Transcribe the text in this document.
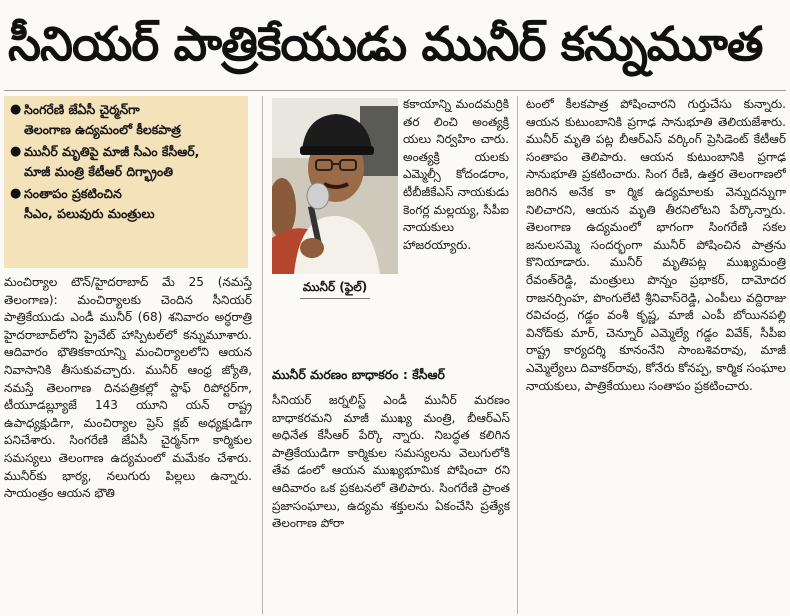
సీనియర్ పాత్రికేయుడు మునీర్ కన్నుమూత
● సింగరేణి జేఏసీ చైర్మన్‌గా
తెలంగాణ ఉద్యమంలో కీలకపాత్ర
● మునీర్ మృతిపై మాజీ సీఎం కేసీఆర్,
మాజీ మంత్రి కేటీఆర్ దిగ్భ్రాంతి
● సంతాపం ప్రకటించిన
సీఎం, పలువురు మంత్రులు

మంచిర్యాల టౌన్/హైదరాబాద్ మే 25 (నమస్తే తెలంగాణ): మంచిర్యాలకు చెందిన సీనియర్ పాత్రికేయుడు ఎండీ మునీర్ (68) శనివారం అర్ధరాత్రి హైదరాబాద్‌లోని ప్రైవేట్ హాస్పిటల్‌లో కన్నుమూశారు. ఆదివారం భౌతికకాయాన్ని మంచిర్యాలలోని ఆయన నివాసానికి తీసుకువచ్చారు. మునీర్ ఆంధ్ర జ్యోతి, నమస్తే తెలంగాణ దినపత్రికల్లో స్టాఫ్ రిపోర్టర్‌గా, టీయూడబ్ల్యూజే 143 యూని యన్ రాష్ట్ర ఉపాధ్యక్షుడిగా, మంచిర్యాల ప్రెస్ క్లబ్ అధ్యక్షుడిగా పనిచేశారు. సింగరేణి జేఏసీ చైర్మన్‌గా కార్మికుల సమస్యలు తెలంగాణ ఉద్యమంలో మమేకం చేశారు. మునీర్‌కు భార్య, నలుగురు పిల్లలు ఉన్నారు. సాయంత్రం ఆయన భౌతి

మునీర్ (ఫైల్)

కకాయాన్ని మందమర్రికి తర లించి అంత్యక్రి యలు నిర్వహిం చారు. అంత్యక్రి యలకు ఎమ్మెల్సీ కోదండరాం, టీబీజీకేఎస్ నాయకుడు కెంగర్ల మల్లయ్య, సీపీఐ నాయకులు హాజరయ్యారు.

మునీర్ మరణం బాధాకరం : కేసీఆర్

సీనియర్ జర్నలిస్ట్ ఎండీ మునీర్ మరణం బాధాకరమని మాజీ ముఖ్య మంత్రి, బీఆర్ఎస్ అధినేత కేసీఆర్ పేర్కొ న్నారు. నిబద్ధత కలిగిన పాత్రికేయుడిగా కార్మికుల సమస్యలను వెలుగులోకి తేవ డంలో ఆయన ముఖ్యభూమిక పోషించా రని ఆదివారం ఒక ప్రకటనలో తెలిపారు. సింగరేణి ప్రాంత ప్రజాసంఘాలు, ఉద్యమ శక్తులను ఏకంచేసి ప్రత్యేక తెలంగాణ పోరా

టంలో కీలకపాత్ర పోషించారని గుర్తుచేసు కున్నారు. ఆయన కుటుంబానికి ప్రగాఢ సానుభూతి తెలియజేశారు. మునీర్ మృతి పట్ల బీఆర్ఎస్ వర్కింగ్ ప్రెసిడెంట్ కేటీఆర్ సంతాపం తెలిపారు. ఆయన కుటుంబానికి ప్రగాఢ సానుభూతి ప్రకటించారు. సింగ రేణి, ఉత్తర తెలంగాణలో జరిగిన అనేక కా ర్మిక ఉద్యమాలకు వెన్నుదన్నుగా నిలిచారని, ఆయన మృతి తీరనిలోటని పేర్కొన్నారు. తెలంగాణ ఉద్యమంలో భాగంగా సింగరేణి సకల జనులసమ్మె సందర్భంగా మునీర్ పోషించిన పాత్రను కొనియాడారు. మునీర్ మృతిపట్ల ముఖ్యమంత్రి రేవంత్‌రెడ్డి, మంత్రులు పొన్నం ప్రభాకర్, దామోదర రాజనర్సింహ, పొంగులేటి శ్రీనివాస్‌రెడ్డి, ఎంపీలు వద్దిరాజు రవిచంద్ర, గడ్డం వంశీ కృష్ణ, మాజీ ఎంపీ బోయినపల్లి వినోద్‌కు మార్, చెన్నూర్ ఎమ్మెల్యే గడ్డం వివేక్, సీపీఐ రాష్ట్ర కార్యదర్శి కూనంనేని సాంబశివరావు, మాజీ ఎమ్మెల్యేలు దివాకర్‌రావు, కోనేరు కోనప్ప, కార్మిక సంఘాల నాయకులు, పాత్రికేయులు సంతాపం ప్రకటించారు.
